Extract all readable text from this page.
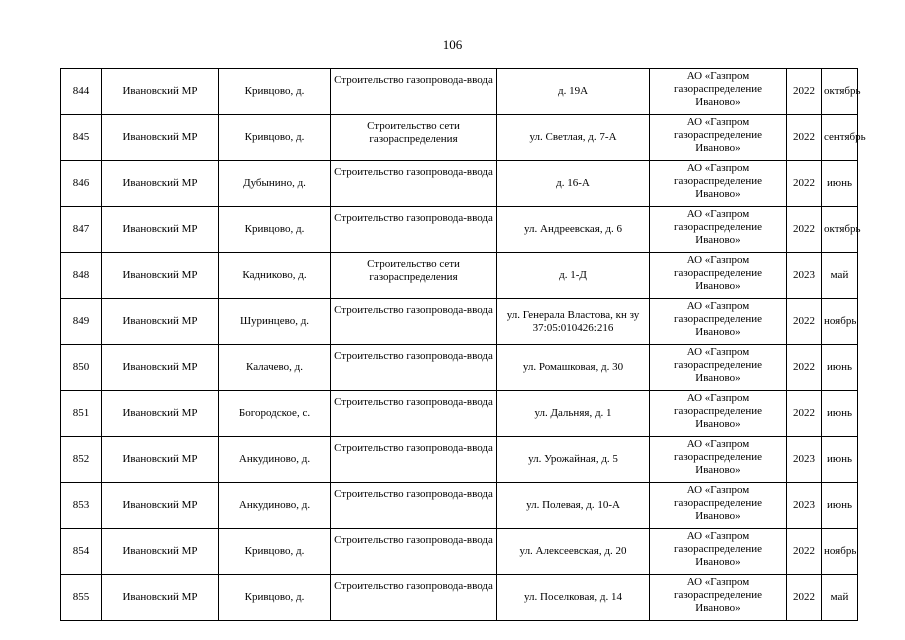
106
844	Ивановский МР	Кривцово, д.	Строительство газопровода-ввода	д. 19А	АО «Газпром газораспределение Иваново»	2022	октябрь
845	Ивановский МР	Кривцово, д.	Строительство сети газораспределения	ул. Светлая, д. 7-А	АО «Газпром газораспределение Иваново»	2022	сентябрь
846	Ивановский МР	Дубынино, д.	Строительство газопровода-ввода	д. 16-А	АО «Газпром газораспределение Иваново»	2022	июнь
847	Ивановский МР	Кривцово, д.	Строительство газопровода-ввода	ул. Андреевская, д. 6	АО «Газпром газораспределение Иваново»	2022	октябрь
848	Ивановский МР	Кадниково, д.	Строительство сети газораспределения	д. 1-Д	АО «Газпром газораспределение Иваново»	2023	май
849	Ивановский МР	Шуринцево, д.	Строительство газопровода-ввода	ул. Генерала Властова, кн зу 37:05:010426:216	АО «Газпром газораспределение Иваново»	2022	ноябрь
850	Ивановский МР	Калачево, д.	Строительство газопровода-ввода	ул. Ромашковая, д. 30	АО «Газпром газораспределение Иваново»	2022	июнь
851	Ивановский МР	Богородское, с.	Строительство газопровода-ввода	ул. Дальняя, д. 1	АО «Газпром газораспределение Иваново»	2022	июнь
852	Ивановский МР	Анкудиново, д.	Строительство газопровода-ввода	ул. Урожайная, д. 5	АО «Газпром газораспределение Иваново»	2023	июнь
853	Ивановский МР	Анкудиново, д.	Строительство газопровода-ввода	ул. Полевая, д. 10-А	АО «Газпром газораспределение Иваново»	2023	июнь
854	Ивановский МР	Кривцово, д.	Строительство газопровода-ввода	ул. Алексеевская, д. 20	АО «Газпром газораспределение Иваново»	2022	ноябрь
855	Ивановский МР	Кривцово, д.	Строительство газопровода-ввода	ул. Поселковая, д. 14	АО «Газпром газораспределение Иваново»	2022	май
